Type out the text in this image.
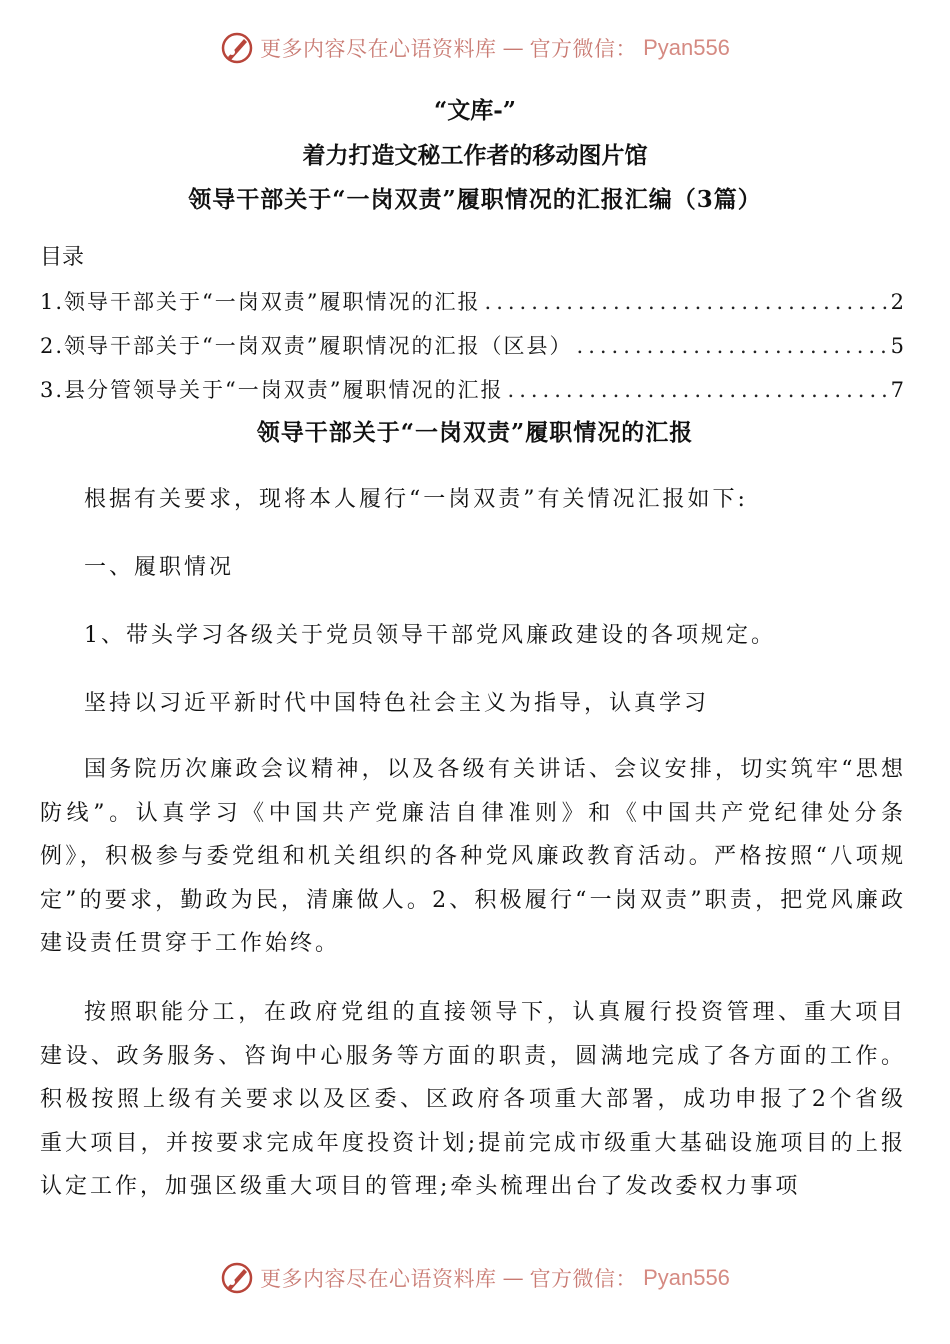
更多内容尽在心语资料库 — 官方微信： Pyan556
“文库-”
着力打造文秘工作者的移动图片馆
领导干部关于“一岗双责”履职情况的汇报汇编（3篇）
目录
1.领导干部关于“一岗双责”履职情况的汇报 .....	2
2.领导干部关于“一岗双责”履职情况的汇报（区县） .....	5
3.县分管领导关于“一岗双责”履职情况的汇报 .....	7
领导干部关于“一岗双责”履职情况的汇报

根据有关要求，现将本人履行“一岗双责”有关情况汇报如下:

一、履职情况

1、带头学习各级关于党员领导干部党风廉政建设的各项规定。

坚持以习近平新时代中国特色社会主义为指导，认真学习

国务院历次廉政会议精神，以及各级有关讲话、会议安排，切实筑牢“思想防线”。认真学习《中国共产党廉洁自律准则》和《中国共产党纪律处分条例》，积极参与委党组和机关组织的各种党风廉政教育活动。严格按照“八项规定”的要求，勤政为民，清廉做人。2、积极履行“一岗双责”职责，把党风廉政建设责任贯穿于工作始终。

按照职能分工，在政府党组的直接领导下，认真履行投资管理、重大项目建设、政务服务、咨询中心服务等方面的职责，圆满地完成了各方面的工作。积极按照上级有关要求以及区委、区政府各项重大部署，成功申报了2个省级重大项目，并按要求完成年度投资计划;提前完成市级重大基础设施项目的上报认定工作，加强区级重大项目的管理;牵头梳理出台了发改委权力事项

更多内容尽在心语资料库 — 官方微信： Pyan556
